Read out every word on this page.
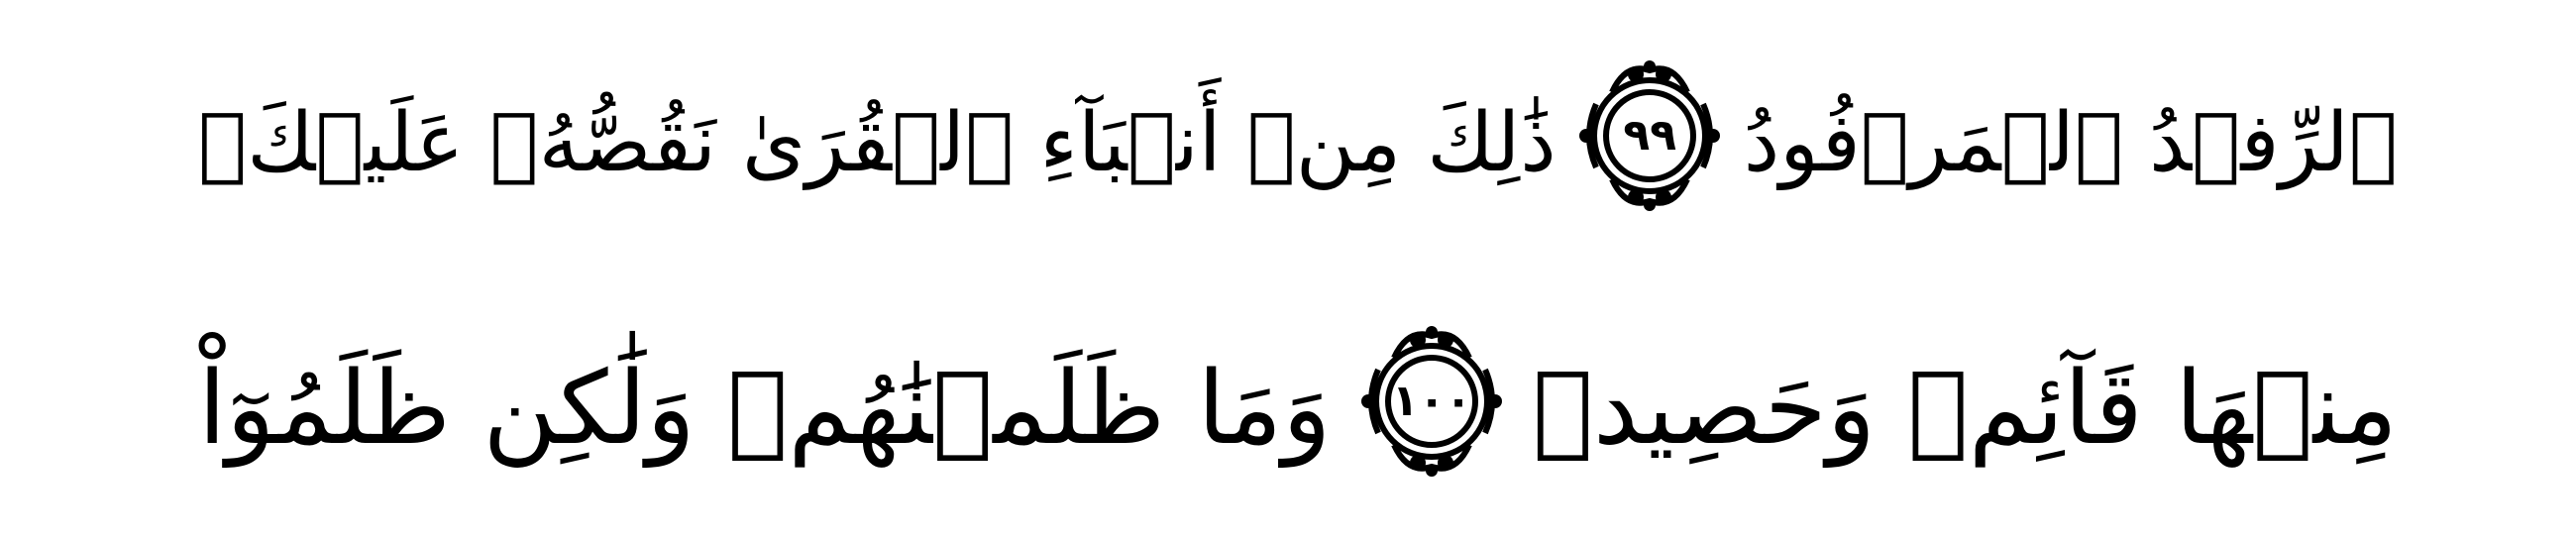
ٱلرِّفۡدُ ٱلۡمَرۡفُودُ
٩٩
ذَٰلِكَ مِنۡ أَنۢبَآءِ ٱلۡقُرَىٰ نَقُصُّهُۥ عَلَيۡكَۖ
مِنۡهَا قَآئِمٞ وَحَصِيدٞ
١٠٠
وَمَا ظَلَمۡنَٰهُمۡ وَلَٰكِن ظَلَمُوٓاْ
